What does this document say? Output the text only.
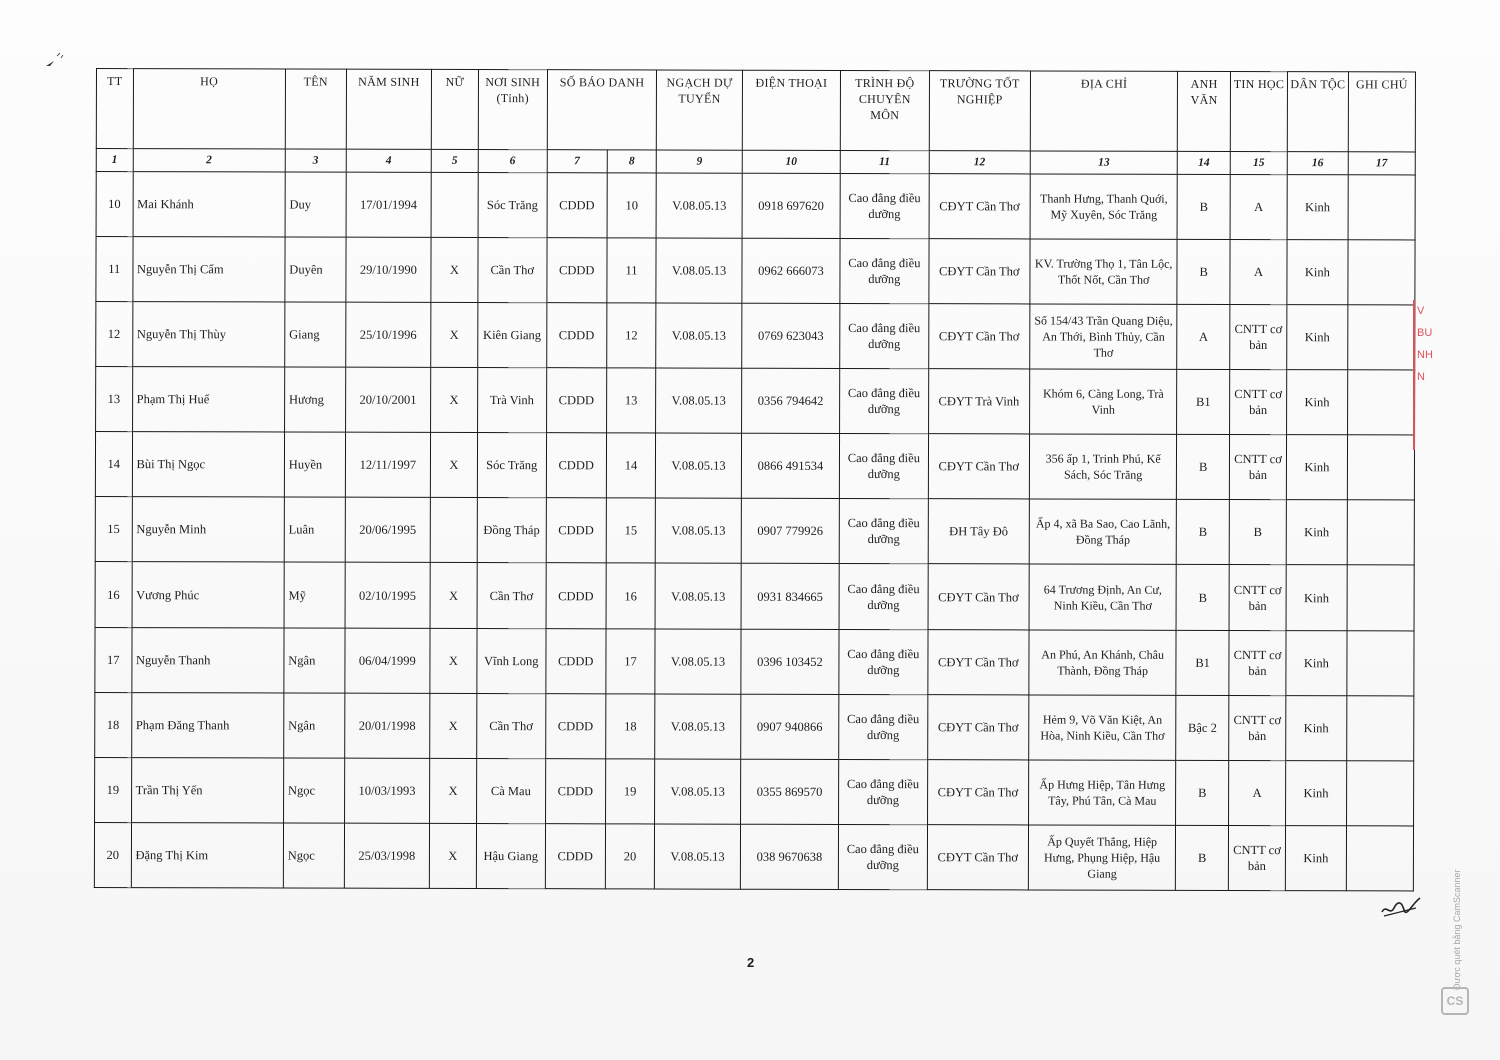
TT	HỌ	TÊN	NĂM SINH	NỮ	NƠI SINH (Tỉnh)	SỐ BÁO DANH		NGẠCH DỰ TUYỂN	ĐIỆN THOẠI	TRÌNH ĐỘ CHUYÊN MÔN	TRƯỜNG TỐT NGHIỆP	ĐỊA CHỈ	ANH VĂN	TIN HỌC	DÂN TỘC	GHI CHÚ
1	2	3	4	5	6	7	8	9	10	11	12	13	14	15	16	17
10	Mai Khánh	Duy	17/01/1994		Sóc Trăng	CDDD	10	V.08.05.13	0918 697620	Cao đẳng điều dưỡng	CĐYT Cần Thơ	Thanh Hưng, Thanh Quới, Mỹ Xuyên, Sóc Trăng	B	A	Kinh	
11	Nguyễn Thị Cẩm	Duyên	29/10/1990	X	Cần Thơ	CDDD	11	V.08.05.13	0962 666073	Cao đẳng điều dưỡng	CĐYT Cần Thơ	KV. Trường Thọ 1, Tân Lộc, Thốt Nốt, Cần Thơ	B	A	Kinh	
12	Nguyễn Thị Thùy	Giang	25/10/1996	X	Kiên Giang	CDDD	12	V.08.05.13	0769 623043	Cao đẳng điều dưỡng	CĐYT Cần Thơ	Số 154/43 Trần Quang Diệu, An Thới, Bình Thủy, Cần Thơ	A	CNTT cơ bản	Kinh	
13	Phạm Thị Huế	Hương	20/10/2001	X	Trà Vinh	CDDD	13	V.08.05.13	0356 794642	Cao đẳng điều dưỡng	CĐYT Trà Vinh	Khóm 6, Càng Long, Trà Vinh	B1	CNTT cơ bản	Kinh	
14	Bùi Thị Ngọc	Huyền	12/11/1997	X	Sóc Trăng	CDDD	14	V.08.05.13	0866 491534	Cao đẳng điều dưỡng	CĐYT Cần Thơ	356 ấp 1, Trinh Phú, Kế Sách, Sóc Trăng	B	CNTT cơ bản	Kinh	
15	Nguyễn Minh	Luân	20/06/1995		Đồng Tháp	CDDD	15	V.08.05.13	0907 779926	Cao đẳng điều dưỡng	ĐH Tây Đô	Ấp 4, xã Ba Sao, Cao Lãnh, Đồng Tháp	B	B	Kinh	
16	Vương Phúc	Mỹ	02/10/1995	X	Cần Thơ	CDDD	16	V.08.05.13	0931 834665	Cao đẳng điều dưỡng	CĐYT Cần Thơ	64 Trương Định, An Cư, Ninh Kiều, Cần Thơ	B	CNTT cơ bản	Kinh	
17	Nguyễn Thanh	Ngân	06/04/1999	X	Vĩnh Long	CDDD	17	V.08.05.13	0396 103452	Cao đẳng điều dưỡng	CĐYT Cần Thơ	An Phú, An Khánh, Châu Thành, Đồng Tháp	B1	CNTT cơ bản	Kinh	
18	Phạm Đăng Thanh	Ngân	20/01/1998	X	Cần Thơ	CDDD	18	V.08.05.13	0907 940866	Cao đẳng điều dưỡng	CĐYT Cần Thơ	Hẻm 9, Võ Văn Kiệt, An Hòa, Ninh Kiều, Cần Thơ	Bậc 2	CNTT cơ bản	Kinh	
19	Trần Thị Yến	Ngọc	10/03/1993	X	Cà Mau	CDDD	19	V.08.05.13	0355 869570	Cao đẳng điều dưỡng	CĐYT Cần Thơ	Ấp Hưng Hiệp, Tân Hưng Tây, Phú Tân, Cà Mau	B	A	Kinh	
20	Đặng Thị Kim	Ngọc	25/03/1998	X	Hậu Giang	CDDD	20	V.08.05.13	038 9670638	Cao đẳng điều dưỡng	CĐYT Cần Thơ	Ấp Quyết Thắng, Hiệp Hưng, Phụng Hiệp, Hậu Giang	B	CNTT cơ bản	Kinh	
2
V
BU
NH
N
Được quét bằng CamScanner
CS
